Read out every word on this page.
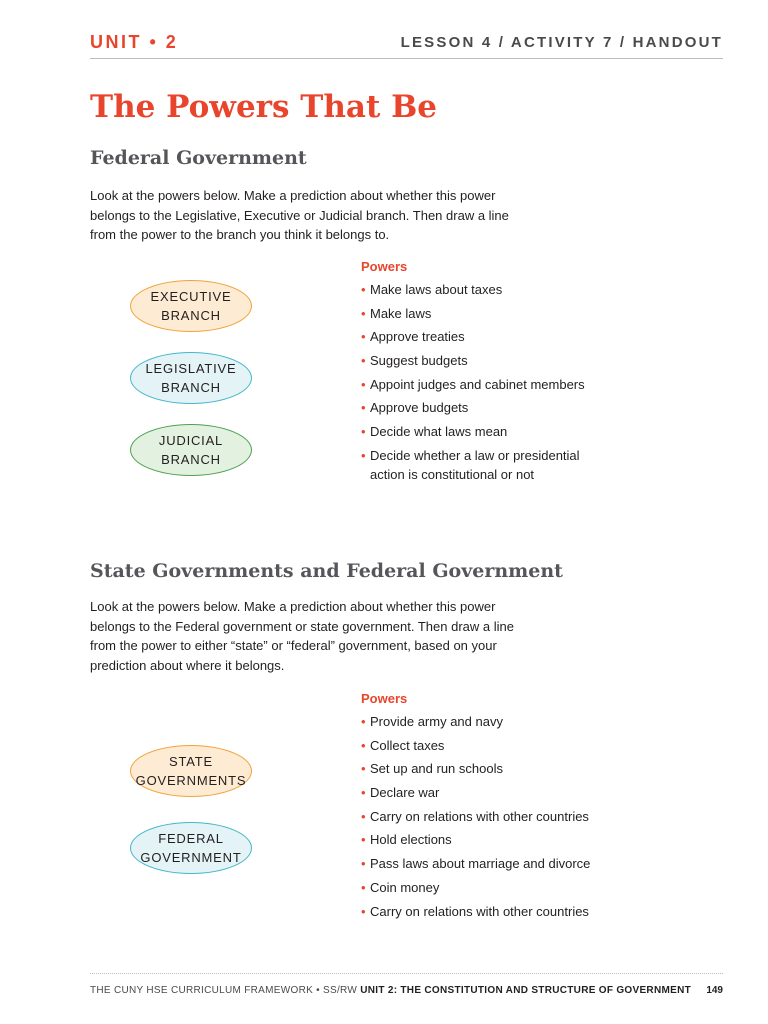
UNIT • 2	LESSON 4 / ACTIVITY 7 / HANDOUT
The Powers That Be
Federal Government

Look at the powers below. Make a prediction about whether this power
belongs to the Legislative, Executive or Judicial branch. Then draw a line
from the power to the branch you think it belongs to.

EXECUTIVE
BRANCH
LEGISLATIVE
BRANCH
JUDICIAL
BRANCH
Powers
• Make laws about taxes
• Make laws
• Approve treaties
• Suggest budgets
• Appoint judges and cabinet members
• Approve budgets
• Decide what laws mean
• Decide whether a law or presidential
action is constitutional or not
State Governments and Federal Government

Look at the powers below. Make a prediction about whether this power
belongs to the Federal government or state government. Then draw a line
from the power to either “state” or “federal” government, based on your
prediction about where it belongs.

STATE
GOVERNMENTS
FEDERAL
GOVERNMENT
Powers
• Provide army and navy
• Collect taxes
• Set up and run schools
• Declare war
• Carry on relations with other countries
• Hold elections
• Pass laws about marriage and divorce
• Coin money
• Carry on relations with other countries
THE CUNY HSE CURRICULUM FRAMEWORK • SS/RW UNIT 2: THE CONSTITUTION AND STRUCTURE OF GOVERNMENT 149
